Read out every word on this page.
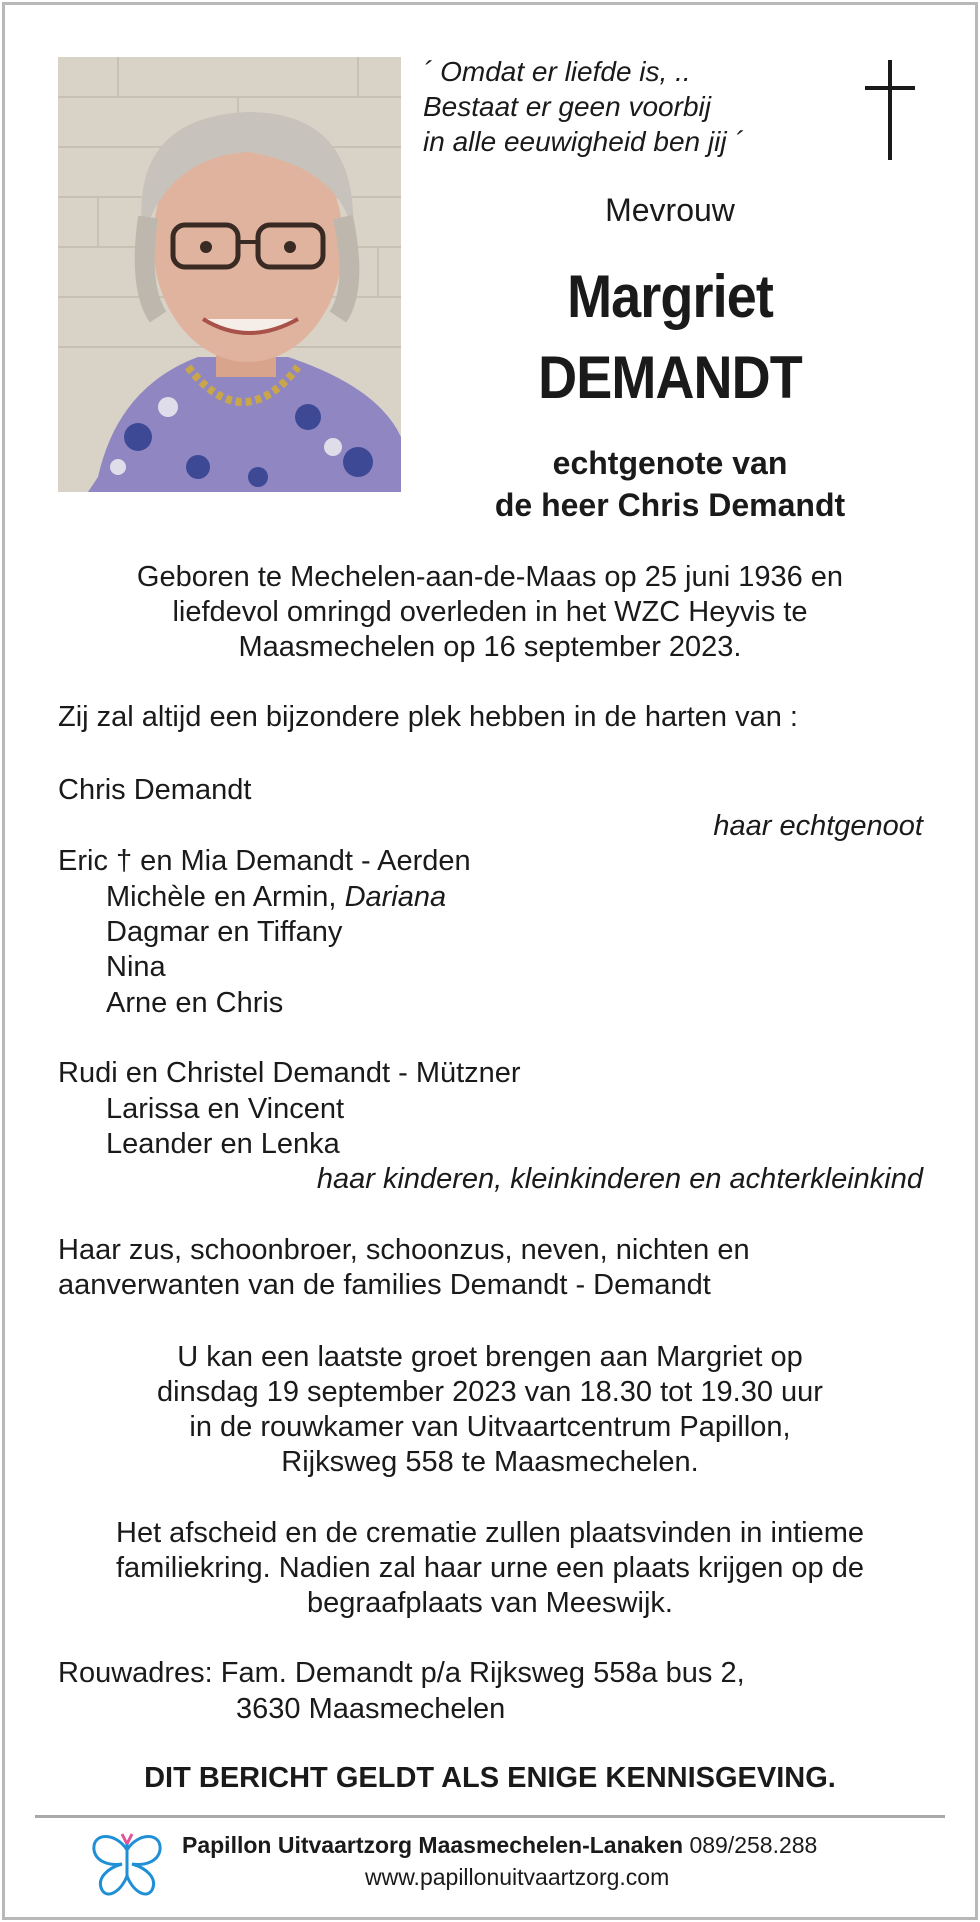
´ Omdat er liefde is, ..
Bestaat er geen voorbij
in alle eeuwigheid ben jij ´
Mevrouw
Margriet
DEMANDT
echtgenote van
de heer Chris Demandt
Geboren te Mechelen-aan-de-Maas op 25 juni 1936 en
liefdevol omringd overleden in het WZC Heyvis te
Maasmechelen op 16 september 2023.
Zij zal altijd een bijzondere plek hebben in de harten van :
Chris Demandt
haar echtgenoot
Eric † en Mia Demandt - Aerden
Michèle en Armin, Dariana
Dagmar en Tiffany
Nina
Arne en Chris
Rudi en Christel Demandt - Mützner
Larissa en Vincent
Leander en Lenka
haar kinderen, kleinkinderen en achterkleinkind
Haar zus, schoonbroer, schoonzus, neven, nichten en
aanverwanten van de families Demandt - Demandt
U kan een laatste groet brengen aan Margriet op
dinsdag 19 september 2023 van 18.30 tot 19.30 uur
in de rouwkamer van Uitvaartcentrum Papillon,
Rijksweg 558 te Maasmechelen.
Het afscheid en de crematie zullen plaatsvinden in intieme
familiekring. Nadien zal haar urne een plaats krijgen op de
begraafplaats van Meeswijk.
Rouwadres: Fam. Demandt p/a Rijksweg 558a bus 2,
3630 Maasmechelen
DIT BERICHT GELDT ALS ENIGE KENNISGEVING.
Papillon Uitvaartzorg Maasmechelen-Lanaken 089/258.288
www.papillonuitvaartzorg.com
